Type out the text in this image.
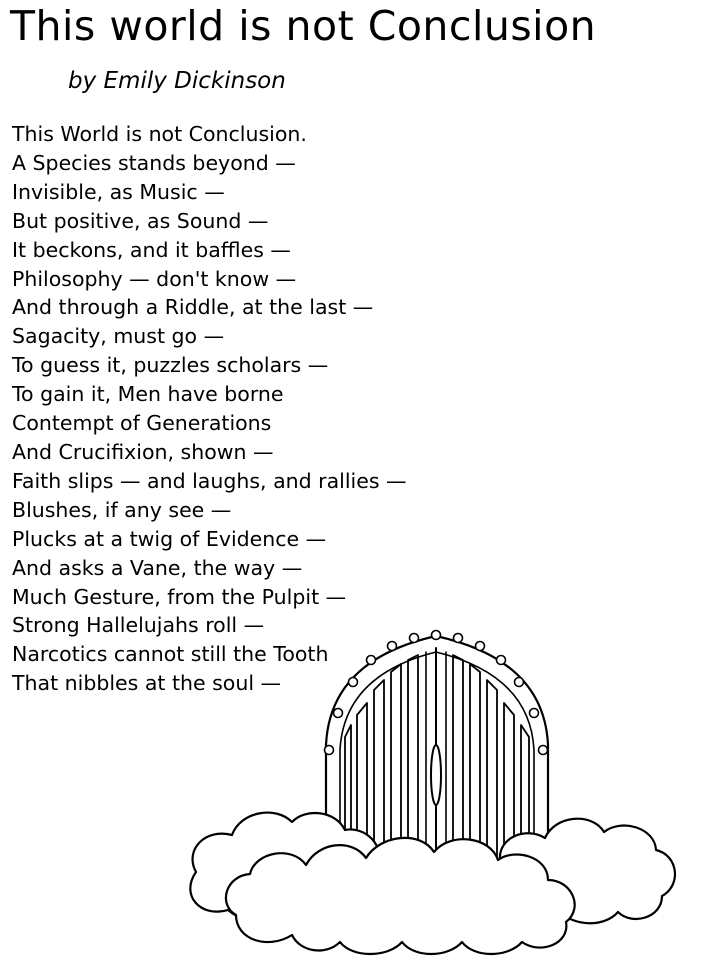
This world is not Conclusion

by Emily Dickinson

This World is not Conclusion.
A Species stands beyond —
Invisible, as Music —
But positive, as Sound —
It beckons, and it baffles —
Philosophy — don't know —
And through a Riddle, at the last —
Sagacity, must go —
To guess it, puzzles scholars —
To gain it, Men have borne
Contempt of Generations
And Crucifixion, shown —
Faith slips — and laughs, and rallies —
Blushes, if any see —
Plucks at a twig of Evidence —
And asks a Vane, the way —
Much Gesture, from the Pulpit —
Strong Hallelujahs roll —
Narcotics cannot still the Tooth
That nibbles at the soul —
